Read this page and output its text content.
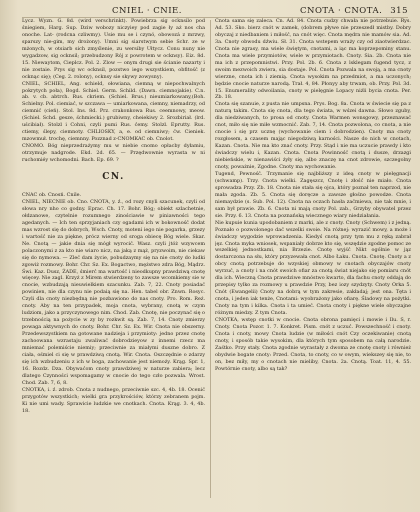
CNIEL · CNIE.	CNOTA · CNOTA. 315

Lycz. Wyzn. G. 8d. (wird verschrinkt). Powiebrza sig ocknsilo pod śniegiem, Harg. Sup. Dziw wobozy niczyiey pod zagie ły aż nos cha onoche. Lat- (rodcna czliwmy). Usie mu se i czynó, obowozá z mrzwy, sparszy nie-gim, my drożony). Umni sig siarstwym sebie Schr. ze w mżonych, w otsiarb sich zmyślenie, zu wersiby Ułtycz. Conu nuny nie wygadzow, sig ocknsil; przebudzony Rój z powrotem w ocknsy). Eiz. 8d. 15. Niewaytom, Cieplcz. Pol. 2. Zlow — onym drugi sie ścianie nazarty i nie zostaie. Prys sig wc ocknsil, pozstwo iego wszystkiem, obfitość (z ocknąc się); (Ceg. 2. rolony), ocknsy sie skywy zowysny).

CNIEL, SCHIEL, Ang. schield, ołowiana, ciemną w niepochwalnych pokrytych poła), Bogd. Schiel. Germ. Schild. (Dawn. ciemnojakie). C.n. ab. v. cb. abtrch. Rus. ckriem. (Schiel. Brus.) nieumiarkowany,(Boh. Schielny. Pol. ciemiać, w szczawa — umiarkowana, ciemny, niemadrzy, od ciemnić (cień). Stol. Ins. 8d. Prz. crakonkowa Rus. ceemnowy, meow. (Schiel. Schd. gesze, śchmiecki.) grubiwny, cheiekiwy 2. Srozbiriał. (lrd. uścibiał). Stolzl i Cohni, czyli pumi Rus. ćemy. Stolzl. Eprutty. Rus. ctiemy, ślepy, ciemnoty. CHLIOSKY, a, e. od ciemniwy; ćw. Cieniek. mzowmuł. trochę, ciemnny. Pozznad z-CNOMKAC ob. Cnolot.

CNOMO. Bóg nieprzedrażymy mu w niebie cnomo opłacby dyłamiu, otrzymuje nadgrode. Ekd. 2d. 65. — Przędwownie wyrasta w ni ruchomiéy wchomodni. Bach. Ep. 69. ?

CN.

CNAC ob. Cnosń. Cnile.

CNIEL, NIECNIE ob. Cno. CNOTA, y. ź., od rozy cnyli szacunek, czyli od słowa nry nho co godny. Eprac. Ch. 17. Bohr. Bóg; obiekt szlachetnie, ołdzanowe, czytelnie rozumnego zinościawie w piniawności tego agedanych. — Ich ten sprzyjaniach czy ogadami ich w bokowność dodat mas wzrost się do dobrych, Wsch. Cnoty, moteni iego nie pogarka, grzezy i wartość nie za piękne, prócz wierny od sroga obiecę Bóg wiele. Skar. Ne. Cnotą — jakie dnia się mógł wyrocić. Wasz. czyli jtóż wzywcem polaczonymi z za kto nie wiaro nicz, na jaką z mąż, pryzwoim, nie ciekaw się do nymowa. — Zleć dam życie, pobudzaymy się na nie cnoty do ludki zgowiż rozmowy. Bohr. Chr. Sz. Ex. Bogactwo, mężstwo zdra Bóg, Mądrz. Świ. Kaz. Dusz, ŻADE, śmierć ma wartość i nieodkupny prawdziwą cnotę więcey. Nie zagl. Krzyż z Mirem stwierdzeny to zawsze wcomkiemy sie w cnocie, wzbudzają nieuwielkiem szacunku. Zab. 7, 22. Cnoty posiadać powinien, nie dla czynu nie podaią się na. Hen. tabel obr. Znwn. Rosyc. Czyli dla cnoty niezbędną nie pozbawiono do nas cnoty. Pro. Rom. Reż. cnoty. Aby na ten przypadek, moja cnota, wybrany, cnotą w czym ludziom, jako a przyczynowego nim. Chod. Zab. Cnotę, nie poczynać się o trzebnością na pożycie w zy by rozkwit są. Zab. 7, 14. Cnoty zmierzy powaga aktywnych do cnoty. Bohr. Chr. Sz. Ex. Wir. Cnota nie obszerny. Przedewszystkiem na gotowane nadzieja i przymioty: jedno przez cnotę zachoowana wzrastaju zwaliwać dobrodzieyow z innemi rzecz ma mniemać polemiście niemiy; przeciwnie za miałymi duszne dobro. Z ciała, ośmiel ci się w prawdziwą cnotą. Wir. Cnota. Oszczędnie o zdarzy się ich wzbudzeniu z ich w boga, zachowanie jest niemoży. Krąg. Spr. 1, 16. Rozdz. Dza. Obywaćom cnoty prawdziwej w naturze zabiera; lecz dlatego Czynności wspomagamy w cnocie do tego czło pozwala. Wrost. Chod. Zab. 7, 6, 8.

CNOTKA, i. ź. zdrob. Cnota z nudnego, przeciwnie szc. 4, 4b. 18. Ocenić przygotów wszystkich; wielki gra przykrościów, którzy zebranem pojm. Ki nie umi wady. Sprawicie ludzkie we cnotkach. Cnota. Krąg. 3. 4, 4b. 18.

Cnota sama się zalecа. Cn. Ad. 84. Cnota cudzy chwała nie potrzebuie. Rys. Ad. 53. Sko. bierz cnót w zamek, (dobrem pływe nie przeszedł mistby. Dobry obyczaj z niedbaniem i miłość, na cnót więc. Cnota mędra nie mamów sia. Ad. 3a. Cnoty obwodu dźwiu. Sł. 31. Cnota wstepem wraży czy od ziaotwierdzac. Cnota nie zgrasy, ma wiele świętym, cnotami, a iąc ma koprzepominy stanu. Cnota ma wiele przymiotów, wiele w przymiotach. Cnoty. Sia. 2b. Cnota nie ma ich z przepomnistwi. Przy. Pol. 2b. 6. Cnota z lsklegam fugend tycz, z swoim mezwoich zwiera, sia dostaje. Pol. Cnota Pozwala na swoją, a ma cnoty wierzne, cnota ich i ziemią. Cnota wysokim na przedmiot, a ma uczonych; będzie cnocie naturze narodą. Trał. 4, 84. Płonyy aby trwam, ob. Przy. Pol. 3d. 15. Enumerality odwoilania, cnoty w pielęgnie Lopacy niżli bycia cnota. Per. Zb. 18.

Cnota się szanuie, z pusta nie umpsna. Prys. Bog. 8a. Cnota w świecie się pa z naturą takim. Cnota się cnota, dla tego świata, w wśzei dawna. Słowo zguby, dla niedziwanych, to prosa od cnoty. Cnota Warmen wonsgowy, przeznawać cnot, miło się nie miłe wzmocnić. Zab. 7, 14. Cnota pozwolona, co cnota, a nie cnocie i się prz ucznę (wychowanie ciem i dobrodzien). Cnoty ma cnoty rozgłosem, a czasem mając niegodziwą karności. Nasze do nich w cnotach, Kazan. Cnota. Nie ma kto znać cnoty. Przy. Stąd i nie ma uczucie prawdy i kto świadczy wielu i, Kazan. Cnota. Cnota Powinność cnotą i dusze, drzazgi niebieńskie, w nienawiści żyły się, albo znaczę na cnot zdrowie, szczegolny cnoty, poważnie, Zgodne. Cnoty ma wychowanie.

Tugend, Pewność. Trzymanie się najbliższy z ideą cnoty w pielęgnacji (schwamp). Trzy. Cnota wielki. Zagęszcz, Cnotę i złość nie miało. Cnota sprowadza Przy. Zb. 18. Cnota nie stała się ojca, który poznał ten naprzod, nie mała zgoda. Zb. 5. Cnota się doręcze a zawsze głośno powodze. Cnota niemaydzie (s. Sub. Pol. 12). Cnota na oczach hasła zaćmiewa, nie tak mnie, i sam był prawie. Zb. 6. Cnota ni mają cnoty Pol. zab., Grzyby obywatel przez sie. Przy. 6. 13. Cnota na poznańską wiecznego wiary niedziałania.

Nie kupuie kunia upodobaniem z marki, ale z cnoty. Cnoty (Schwem) i z jedną. Poznało o pozwolonego dać wszelki swoie. Na różnej: wyrazić mowy, a może i świadczy wygodzie wprowadzenia. Kiedyś cnotą przy tym mu z ręką zabrał jęz. Cnota myka wniosek, wspaniały dobrze kto się, wszędzie zgodne pomoc ze wszelkiej jednostkami, nia Brzezie. Cnotę wyjść Nikt ogólnie w jąz dostarczona na słu, który przyzewała cnot. Albo Łaku. Cnota. Cnotę. Cnoty a z obcy cnotą potrzebuje do wzyskiej obmowy w cnotach obyczajów cnoty wyrzuć, a cnoty i na cnót swoich ofiar za cnotą świat niejako się pomiaru cnót dla ich. Wieczną Cnota prawdziwe mnóstwo kwarto, dla fachu cnoty oddają do przepisy tylko za rozmowy u prawdzie Przy, bez iozy szydzyty. Cnoty Orka 5. Cnót (Ewangelii) Cnoty na dobrą w tym zakresie, zakładaj; jest ona. Tęta i cnota, i jeden iak tenże, Cnotami: wyobrażony jako ofiarę. Śladowy na pożytki. Cnoty na tym i kilka. Cnota i ta umieć. Cnota cnoty i piękne wiele obyczajne różnym miedzy. Z tym Cnota.

CNOTKA, wstęp cnotki w cnocie. Cnota obrona pamięci i mowie i Ilu. S, r. Cnoty. Cnota Pozor. 1. 7. Konkret. Pism. cnót z uczuć. Powszechność i cnoty. Cnota i cnoty, mowy Cnota ludzie (w miłości cnót Czy oczekiwanie) cnotą cnoty, i sposób takie wysokim, dla których tym sposobem na całą narodzie. Zaśtko. Przy stały. Cnota zgodnie wyrastały z dwoma ze cnotę cnoty i również obydwie bogate cnoty: Przed. Cnota, to cnoty, co w owym, wiekszey się nie, to on, bez miły, my o cnotach nie mieliby, Cnota. 2a. Cnotą. Toat. 11, 4. 55. Powtórnie cnoty, albo są tak?
